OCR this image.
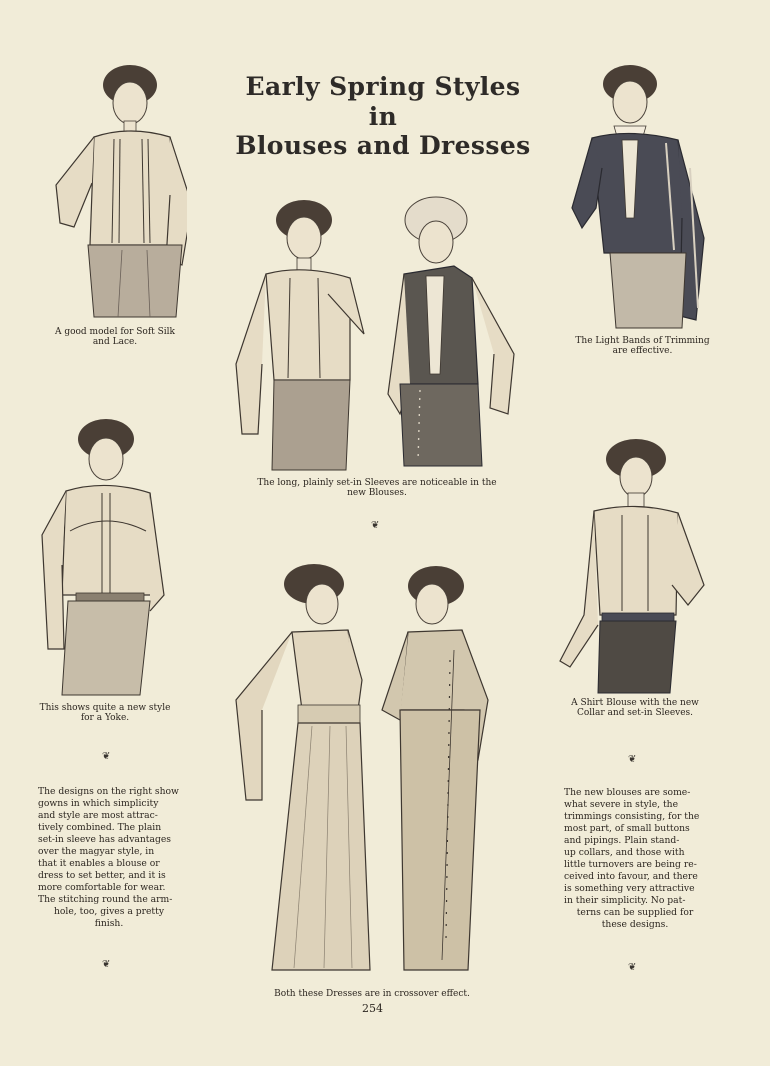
Early Spring Styles
in
Blouses and Dresses
A good model for Soft Silk
and Lace.	The Light Bands of Trimming
are effective.
The long, plainly set-in Sleeves are noticeable in the
new Blouses.
❦
This shows quite a new style
for a Yoke.
❦
A Shirt Blouse with the new
Collar and set-in Sleeves.
❦
Both these Dresses are in crossover effect.
The designs on the right show
gowns in which simplicity
and style are most attrac-
tively combined. The plain
set-in sleeve has advantages
over the magyar style, in
that it enables a blouse or
dress to set better, and it is
more comfortable for wear.
The stitching round the arm-
hole, too, gives a pretty
finish.
❦
The new blouses are some-
what severe in style, the
trimmings consisting, for the
most part, of small buttons
and pipings. Plain stand-
up collars, and those with
little turnovers are being re-
ceived into favour, and there
is something very attractive
in their simplicity. No pat-
terns can be supplied for
these designs.
❦
254
